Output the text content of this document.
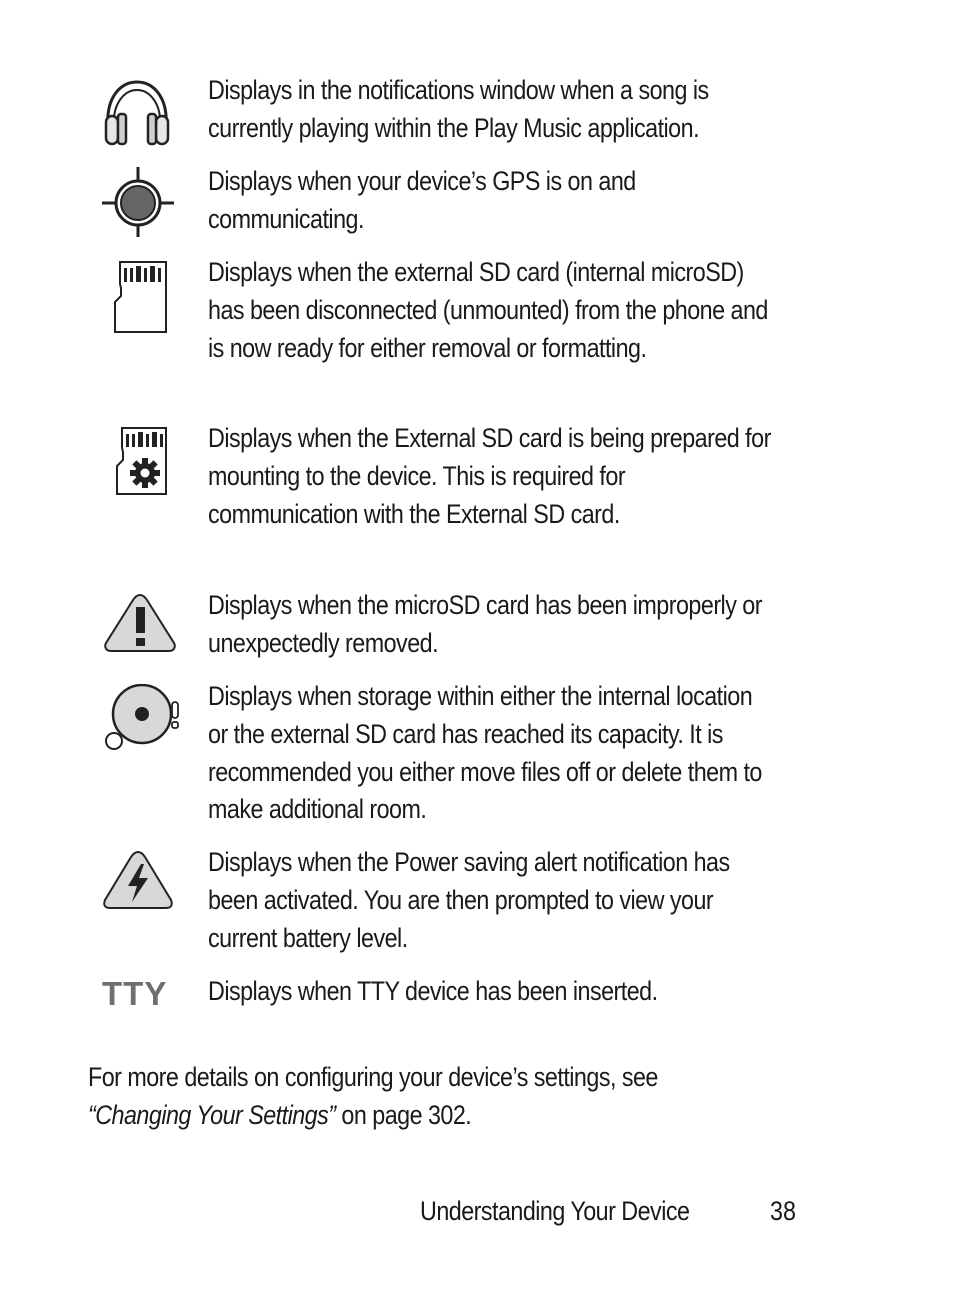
Displays in the notifications window when a song is currently playing within the Play Music application.
Displays when your device’s GPS is on and communicating.
Displays when the external SD card (internal microSD) has been disconnected (unmounted) from the phone and is now ready for either removal or formatting.
Displays when the External SD card is being prepared for mounting to the device. This is required for communication with the External SD card.
Displays when the microSD card has been improperly or unexpectedly removed.
Displays when storage within either the internal location or the external SD card has reached its capacity. It is recommended you either move files off or delete them to make additional room.
Displays when the Power saving alert notification has been activated. You are then prompted to view your current battery level.
TTY Displays when TTY device has been inserted.
For more details on configuring your device’s settings, see
“Changing Your Settings” on page 302.
Understanding Your Device	38
